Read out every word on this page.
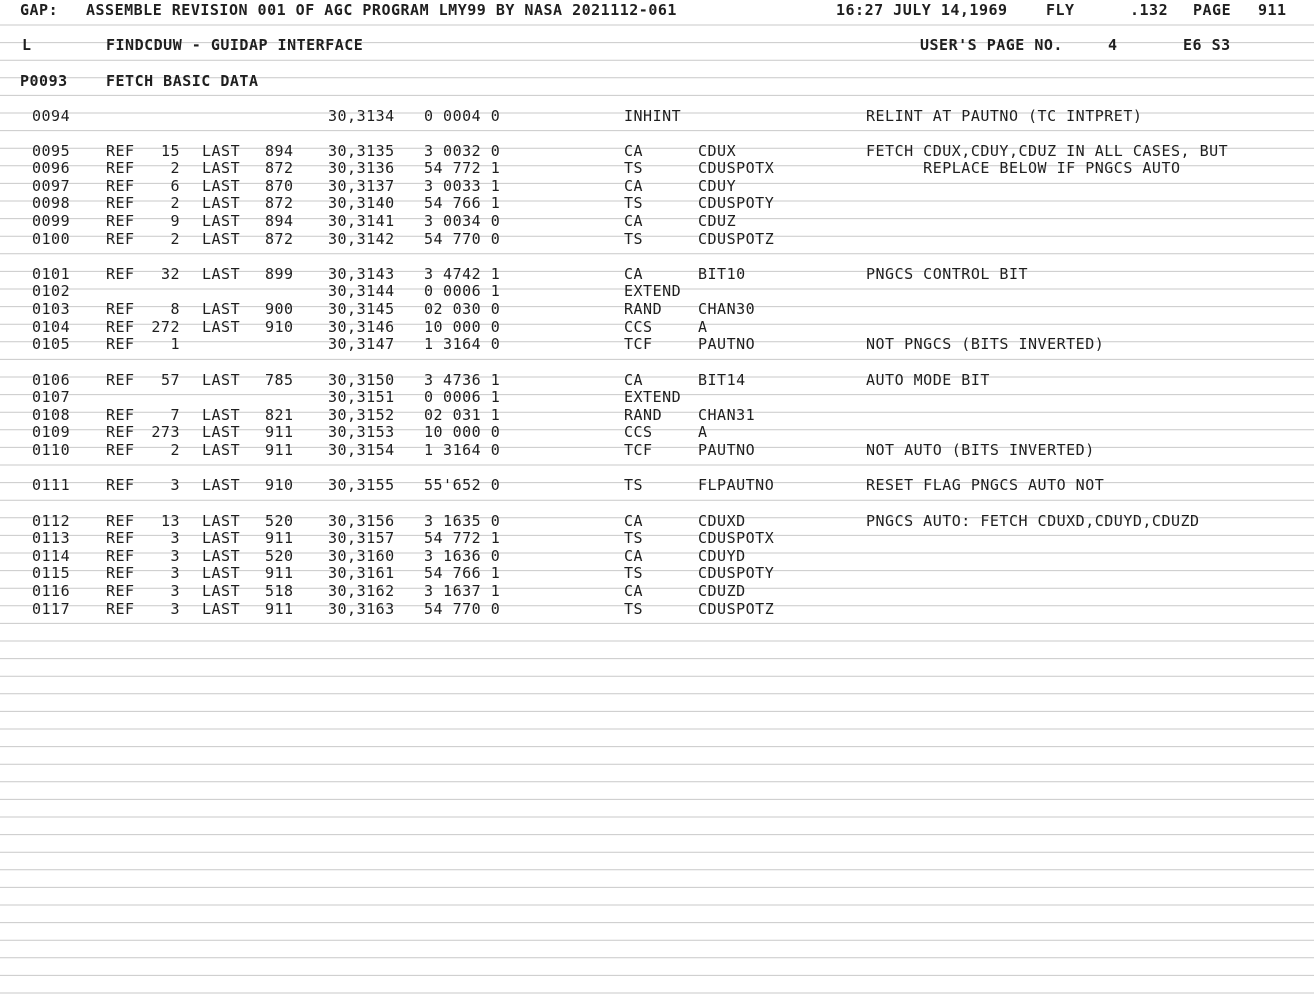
GAP:

ASSEMBLE REVISION 001 OF AGC PROGRAM LMY99 BY NASA 2021112-061

	16:27 JULY 14,1969

	FLY

	.132

PAGE

911

L

	FINDCDUW - GUIDAP INTERFACE

	USER'S PAGE NO.

	4

	E6 S3

P0093

	FETCH BASIC DATA

0094	30,3134 0 0004 0	INHINT	RELINT AT PAUTNO (TC INTPRET)
0095 REF 15 LAST 894 30,3135 3 0032 0	CA	CDUX	FETCH CDUX,CDUY,CDUZ IN ALL CASES, BUT
0096 REF 2 LAST 872 30,3136 54 772 1	TS	CDUSPOTX	REPLACE BELOW IF PNGCS AUTO
0097 REF 6 LAST 870 30,3137 3 0033 1	CA	CDUY
0098 REF 2 LAST 872 30,3140 54 766 1	TS	CDUSPOTY
0099 REF 9 LAST 894 30,3141 3 0034 0	CA	CDUZ
0100 REF 2 LAST 872 30,3142 54 770 0	TS	CDUSPOTZ
0101 REF 32 LAST 899 30,3143 3 4742 1	CA	BIT10	PNGCS CONTROL BIT
0102	30,3144 0 0006 1	EXTEND
0103 REF 8 LAST 900 30,3145 02 030 0	RAND CHAN30
0104 REF 272 LAST 910 30,3146 10 000 0	CCS	A
0105 REF 1	30,3147 1 3164 0	TCF	PAUTNO	NOT PNGCS (BITS INVERTED)
0106 REF 57 LAST 785 30,3150 3 4736 1	CA	BIT14	AUTO MODE BIT
0107	30,3151 0 0006 1	EXTEND
0108 REF 7 LAST 821 30,3152 02 031 1	RAND CHAN31
0109 REF 273 LAST 911 30,3153 10 000 0	CCS	A
0110 REF 2 LAST 911 30,3154 1 3164 0	TCF	PAUTNO	NOT AUTO (BITS INVERTED)
0111 REF 3 LAST 910 30,3155 55'652 0	TS	FLPAUTNO	RESET FLAG PNGCS AUTO NOT
0112 REF 13 LAST 520 30,3156 3 1635 0	CA	CDUXD	PNGCS AUTO: FETCH CDUXD,CDUYD,CDUZD
0113 REF 3 LAST 911 30,3157 54 772 1	TS	CDUSPOTX
0114 REF 3 LAST 520 30,3160 3 1636 0	CA	CDUYD
0115 REF 3 LAST 911 30,3161 54 766 1	TS	CDUSPOTY
0116 REF 3 LAST 518 30,3162 3 1637 1	CA	CDUZD
0117 REF 3 LAST 911 30,3163 54 770 0	TS	CDUSPOTZ
